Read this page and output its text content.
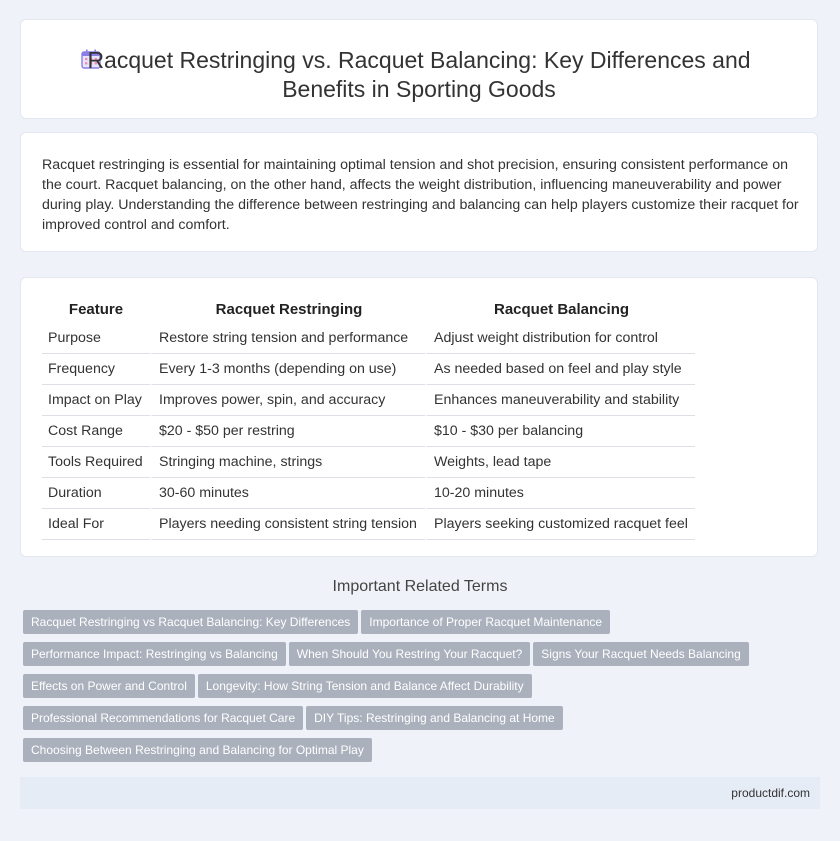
Racquet Restringing vs. Racquet Balancing: Key Differences and Benefits in Sporting Goods

Racquet restringing is essential for maintaining optimal tension and shot precision, ensuring consistent performance on the court. Racquet balancing, on the other hand, affects the weight distribution, influencing maneuverability and power during play. Understanding the difference between restringing and balancing can help players customize their racquet for improved control and comfort.

Feature	Racquet Restringing	Racquet Balancing
Purpose	Restore string tension and performance	Adjust weight distribution for control
Frequency	Every 1-3 months (depending on use)	As needed based on feel and play style
Impact on Play	Improves power, spin, and accuracy	Enhances maneuverability and stability
Cost Range	$20 - $50 per restring	$10 - $30 per balancing
Tools Required	Stringing machine, strings	Weights, lead tape
Duration	30-60 minutes	10-20 minutes
Ideal For	Players needing consistent string tension	Players seeking customized racquet feel
Important Related Terms
Racquet Restringing vs Racquet Balancing: Key Differences Importance of Proper Racquet MaintenancePerformance Impact: Restringing vs Balancing When Should You Restring Your Racquet? Signs Your Racquet Needs BalancingEffects on Power and Control Longevity: How String Tension and Balance Affect DurabilityProfessional Recommendations for Racquet Care DIY Tips: Restringing and Balancing at HomeChoosing Between Restringing and Balancing for Optimal Play
productdif.com
